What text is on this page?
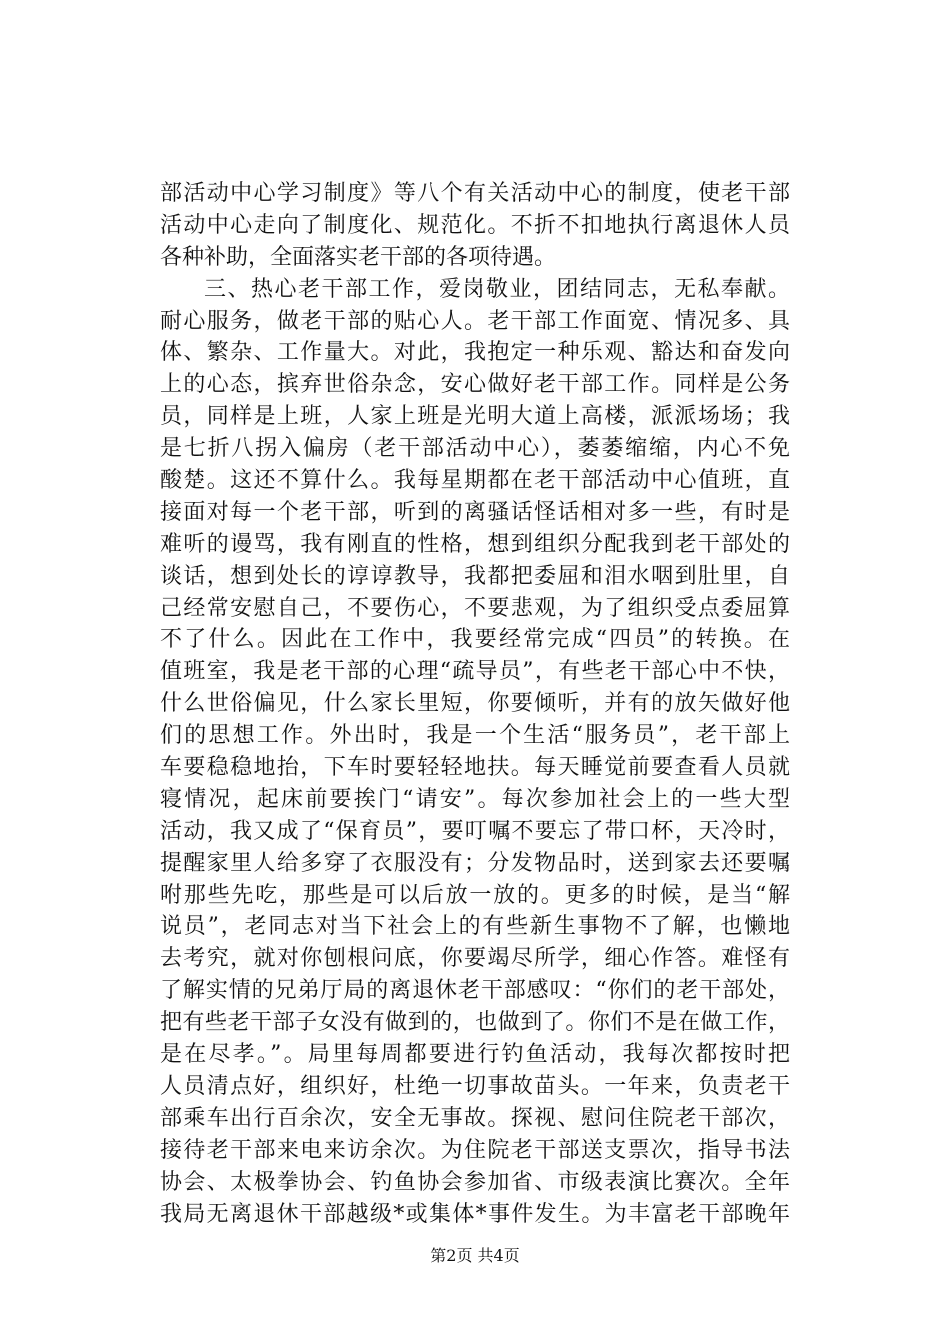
部活动中心学习制度》等八个有关活动中心的制度，使老干部
活动中心走向了制度化、规范化。不折不扣地执行离退休人员
各种补助，全面落实老干部的各项待遇。
三、热心老干部工作，爱岗敬业，团结同志，无私奉献。
耐心服务，做老干部的贴心人。老干部工作面宽、情况多、具
体、繁杂、工作量大。对此，我抱定一种乐观、豁达和奋发向
上的心态，摈弃世俗杂念，安心做好老干部工作。同样是公务
员，同样是上班，人家上班是光明大道上高楼，派派场场；我
是七折八拐入偏房（老干部活动中心），萎萎缩缩，内心不免
酸楚。这还不算什么。我每星期都在老干部活动中心值班，直
接面对每一个老干部，听到的离骚话怪话相对多一些，有时是
难听的谩骂，我有刚直的性格，想到组织分配我到老干部处的
谈话，想到处长的谆谆教导，我都把委屈和泪水咽到肚里，自
己经常安慰自己，不要伤心，不要悲观，为了组织受点委屈算
不了什么。因此在工作中，我要经常完成“四员”的转换。在
值班室，我是老干部的心理“疏导员”，有些老干部心中不快，
什么世俗偏见，什么家长里短，你要倾听，并有的放矢做好他
们的思想工作。外出时，我是一个生活“服务员”，老干部上
车要稳稳地抬，下车时要轻轻地扶。每天睡觉前要查看人员就
寝情况，起床前要挨门“请安”。每次参加社会上的一些大型
活动，我又成了“保育员”，要叮嘱不要忘了带口杯，天冷时，
提醒家里人给多穿了衣服没有；分发物品时，送到家去还要嘱
咐那些先吃，那些是可以后放一放的。更多的时候，是当“解
说员”，老同志对当下社会上的有些新生事物不了解，也懒地
去考究，就对你刨根问底，你要竭尽所学，细心作答。难怪有
了解实情的兄弟厅局的离退休老干部感叹：“你们的老干部处，
把有些老干部子女没有做到的，也做到了。你们不是在做工作，
是在尽孝。”。局里每周都要进行钓鱼活动，我每次都按时把
人员清点好，组织好，杜绝一切事故苗头。一年来，负责老干
部乘车出行百余次，安全无事故。探视、慰问住院老干部次，
接待老干部来电来访余次。为住院老干部送支票次，指导书法
协会、太极拳协会、钓鱼协会参加省、市级表演比赛次。全年
我局无离退休干部越级*或集体*事件发生。为丰富老干部晚年
第2页 共4页
